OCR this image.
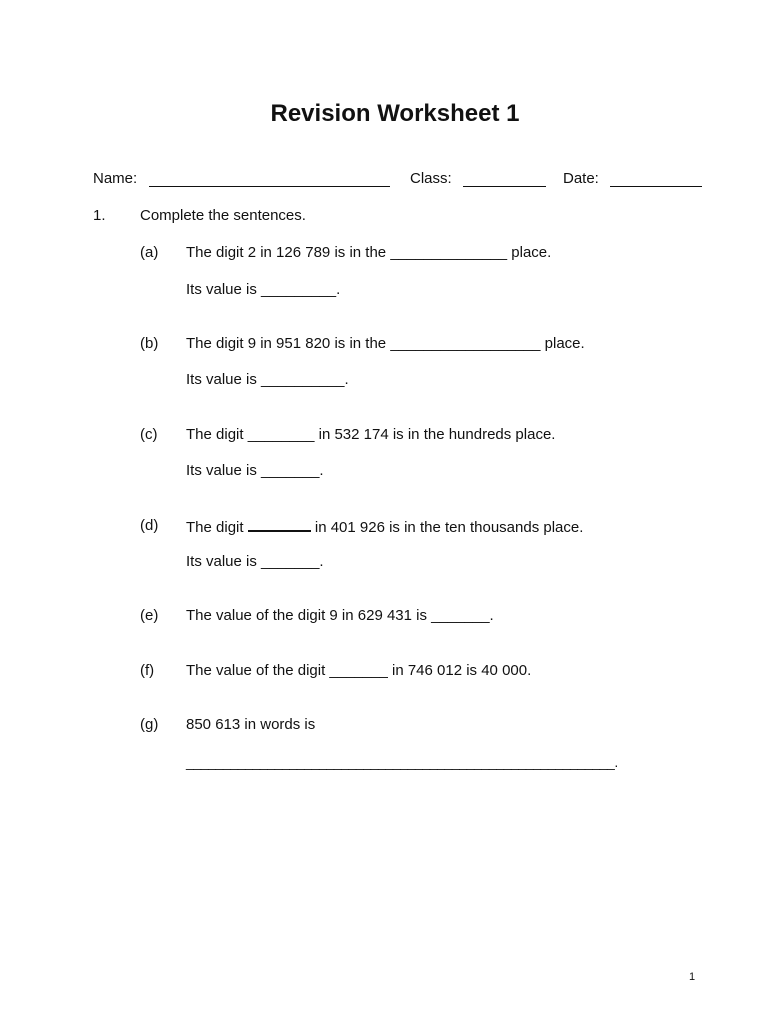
Revision Worksheet 1
Name:	Class:	Date:
1. Complete the sentences.
(a) The digit 2 in 126 789 is in the ______________ place.
Its value is _________.
(b) The digit 9 in 951 820 is in the __________________ place.
Its value is __________.
(c) The digit ________ in 532 174 is in the hundreds place.
Its value is _______.
(d) The digit	in 401 926 is in the ten thousands place.
Its value is _______.
(e) The value of the digit 9 in 629 431 is _______.
(f) The value of the digit _______ in 746 012 is 40 000.
(g) 850 613 in words is
__________________________________________________________.
1
